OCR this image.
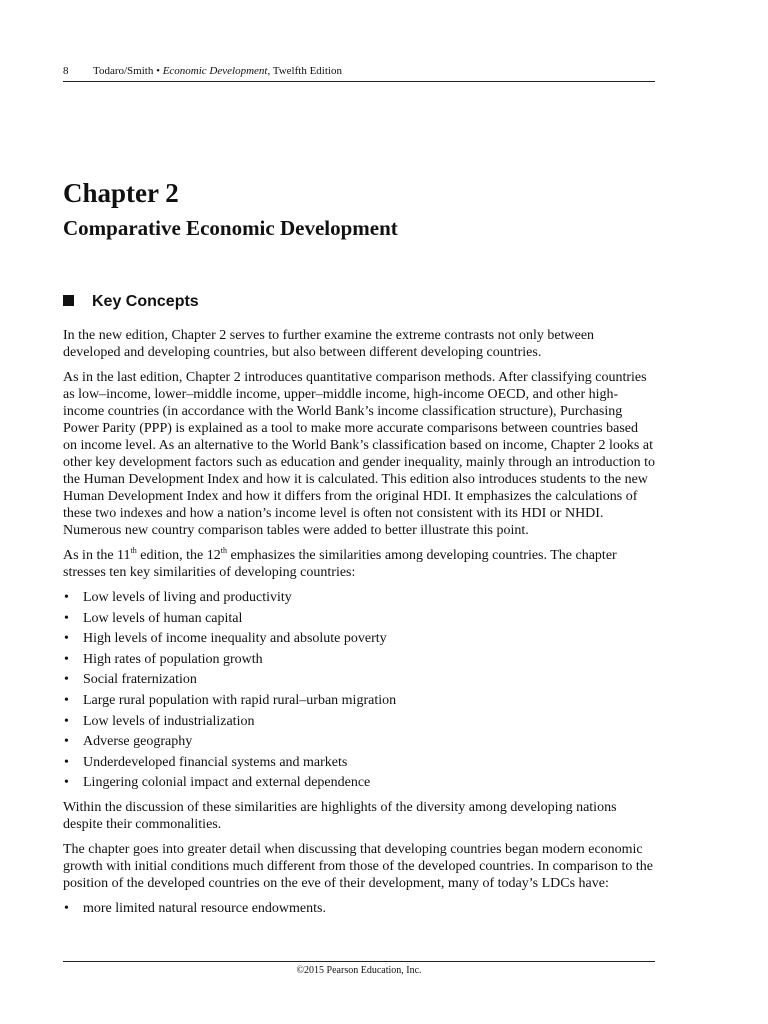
8 Todaro/Smith • Economic Development, Twelfth Edition
Chapter 2
Comparative Economic Development
Key Concepts

In the new edition, Chapter 2 serves to further examine the extreme contrasts not only between developed and developing countries, but also between different developing countries.

As in the last edition, Chapter 2 introduces quantitative comparison methods. After classifying countries as low–income, lower–middle income, upper–middle income, high-income OECD, and other high-income countries (in accordance with the World Bank’s income classification structure), Purchasing Power Parity (PPP) is explained as a tool to make more accurate comparisons between countries based on income level. As an alternative to the World Bank’s classification based on income, Chapter 2 looks at other key development factors such as education and gender inequality, mainly through an introduction to the Human Development Index and how it is calculated. This edition also introduces students to the new Human Development Index and how it differs from the original HDI. It emphasizes the calculations of these two indexes and how a nation’s income level is often not consistent with its HDI or NHDI. Numerous new country comparison tables were added to better illustrate this point.

As in the 11th edition, the 12th emphasizes the similarities among developing countries. The chapter stresses ten key similarities of developing countries:

• Low levels of living and productivity
• Low levels of human capital
• High levels of income inequality and absolute poverty
• High rates of population growth
• Social fraternization
• Large rural population with rapid rural–urban migration
• Low levels of industrialization
• Adverse geography
• Underdeveloped financial systems and markets
• Lingering colonial impact and external dependence

Within the discussion of these similarities are highlights of the diversity among developing nations despite their commonalities.

The chapter goes into greater detail when discussing that developing countries began modern economic growth with initial conditions much different from those of the developed countries. In comparison to the position of the developed countries on the eve of their development, many of today’s LDCs have:

• more limited natural resource endowments.
©2015 Pearson Education, Inc.
